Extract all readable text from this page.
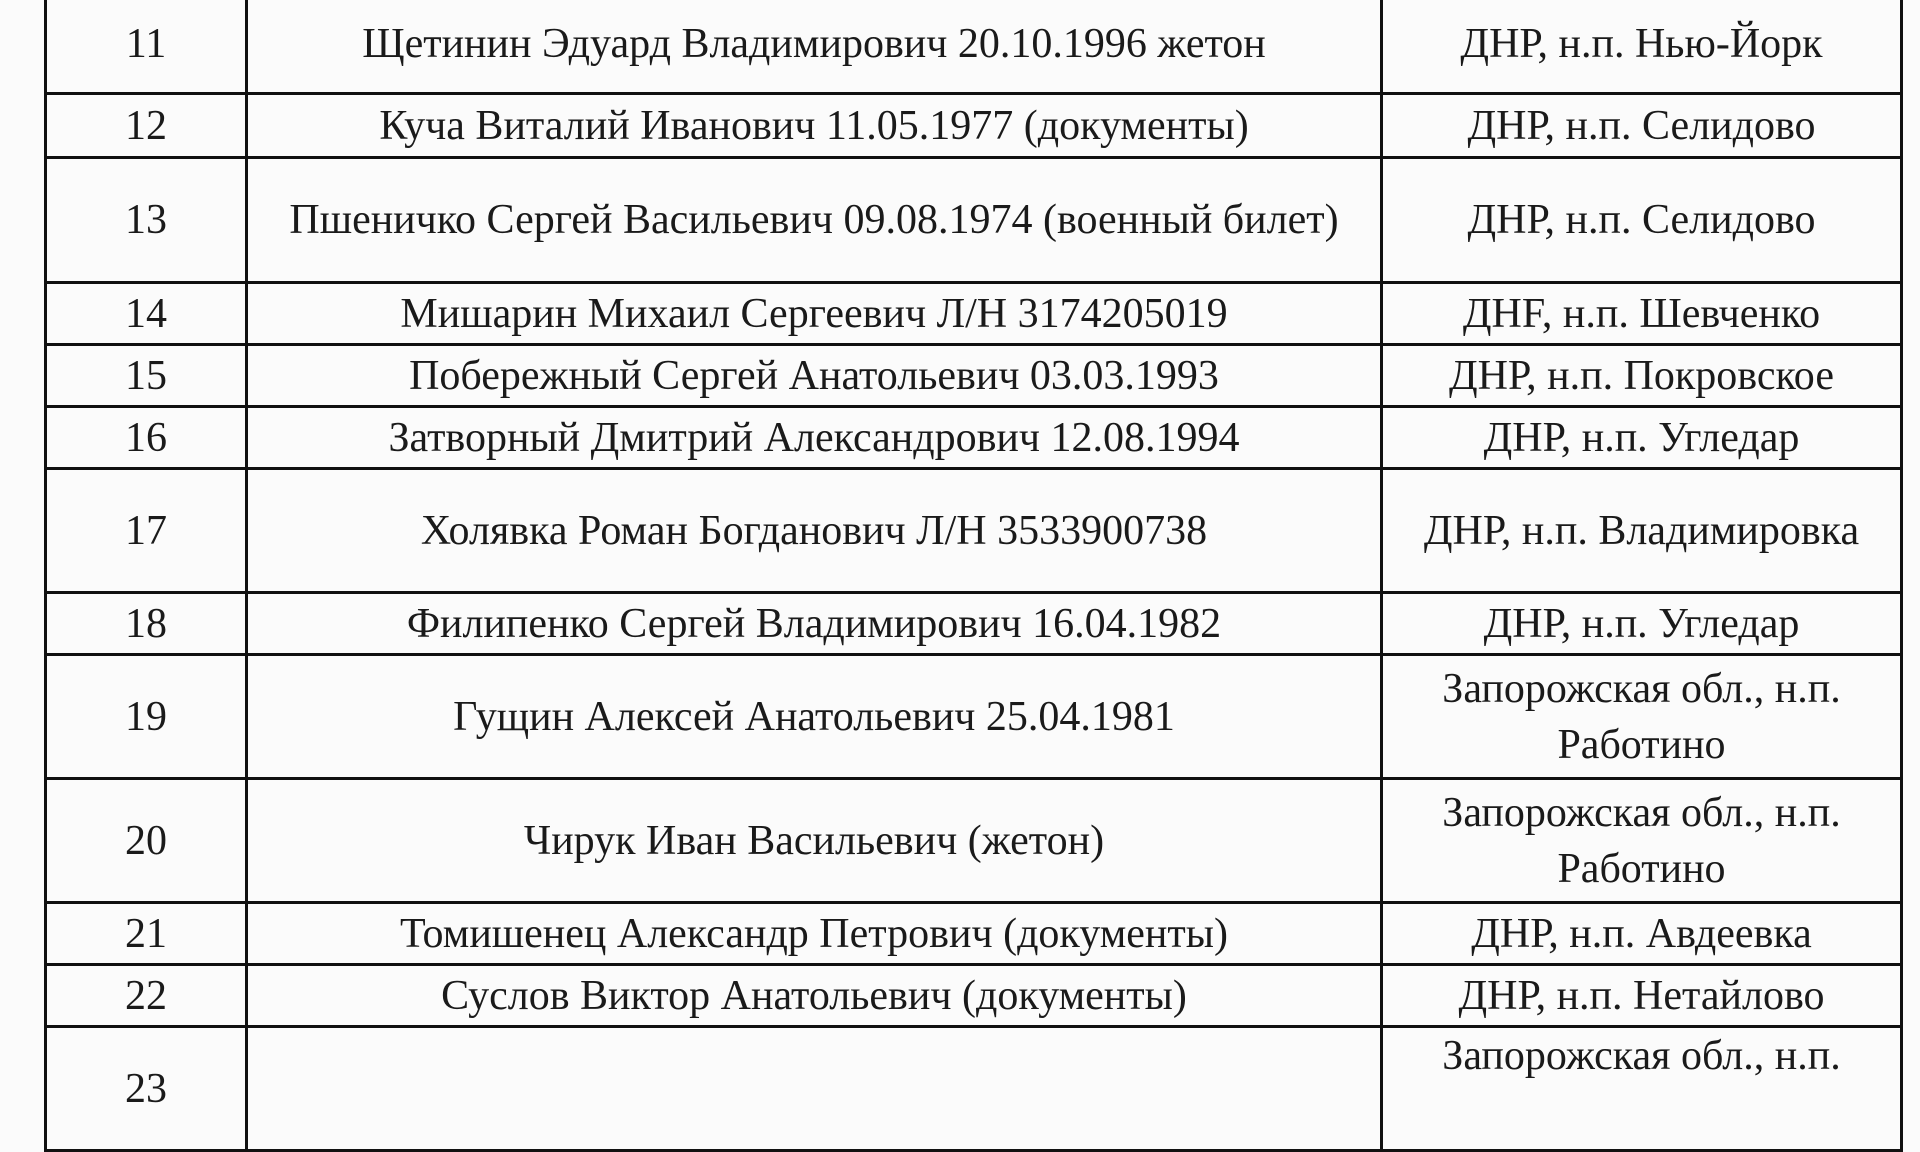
11	Щетинин Эдуард Владимирович 20.10.1996 жетон	ДНР, н.п. Нью-Йорк
12	Куча Виталий Иванович 11.05.1977 (документы)	ДНР, н.п. Селидово
13	Пшеничко Сергей Васильевич 09.08.1974 (военный билет)	ДНР, н.п. Селидово
14	Мишарин Михаил Сергеевич Л/Н 3174205019	ДНF, н.п. Шевченко
15	Побережный Сергей Анатольевич 03.03.1993	ДНР, н.п. Покровское
16	Затворный Дмитрий Александрович 12.08.1994	ДНР, н.п. Угледар
17	Холявка Роман Богданович Л/Н 3533900738	ДНР, н.п. Владимировка
18	Филипенко Сергей Владимирович 16.04.1982	ДНР, н.п. Угледар
19	Гущин Алексей Анатольевич 25.04.1981	Запорожская обл., н.п. Работино
20	Чирук Иван Васильевич (жетон)	Запорожская обл., н.п. Работино
21	Томишенец Александр Петрович (документы)	ДНР, н.п. Авдеевка
22	Суслов Виктор Анатольевич (документы)	ДНР, н.п. Нетайлово
23		Запорожская обл., н.п.
